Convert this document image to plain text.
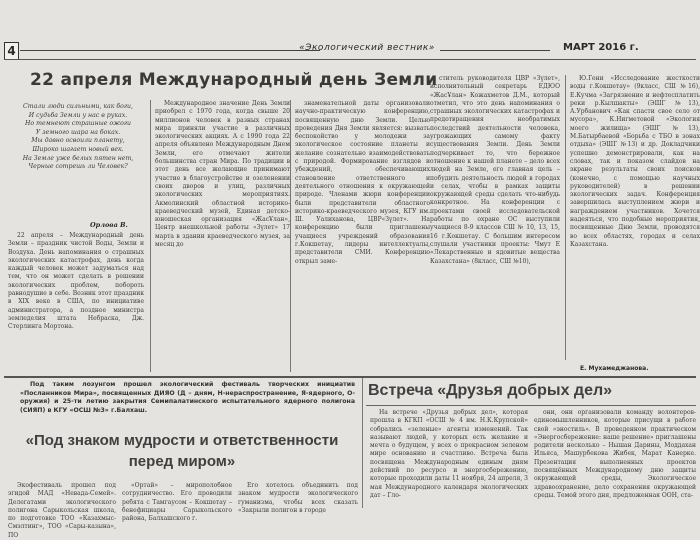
4	«Экологический вестник»	МАРТ 2016 г.
22 апреля Международный день Земли
Стали люди сильными, как боги,
И судьба Земли у нас в руках.
Но темнеют страшные ожоги
У земного шара на боках.
Мы давно освоили планету,
Широко шагает новый век.
На Земле уже белых пятен нет,
Черные сотрешь ли Человек?
Орлова В.

22 апреля – Международный день Земли – праздник чистой Воды, Земли и Воздуха. День напоминания о страшных экологических катастрофах, день когда каждый человек может задуматься над тем, что он может сделать в решении экологических проблем, побороть равнодушие в себе. Возник этот праздник в XIX веке в США, по инициативе администратора, а позднее министра земледелия штата Небраска, Дж. Стерлинга Мортона.

Международное значение День Земли приобрел с 1970 года, когда свыше 20 миллионов человек в разных странах мира приняли участие в различных экологических акциях. А с 1990 года 22 апреля объявлено Международным Днем Земли, его отмечают жители большинства стран Мира. По традиции в этот день все желающие принимают участие в благоустройстве и озеленении своих дворов и улиц, различных экологических мероприятиях. Акмолинский областной историко-краеведческий музей, Единая детско-юношеская организация «ЖасҰлан», Центр внешкольной работы «Зүлет» 17 марта в здании краеведческого музея, за месяц до

знаменательной даты организовали научно-практическую конференцию, посвященную дню Земли. Целью проведения Дня Земли является: вызвать беспокойство у молодежи за экологическое состояние планеты и желание сознательно взаимодействовать с природой. Формирование взглядов и убеждений, обеспечивающих становление ответственного и деятельного отношения к окружающей природе. Членами жюри конференции были представители областного историко-краеведческого музея, КГУ им. Ш. Уалиханова, ЦВР«Зүлет». На конференцию были приглашены учащиеся учреждений образования г.Кокшетау, лидеры интеллектуалы, представители СМИ. Конференцию открыл заме-

ститель руководителя ЦВР «Зүлет», исполнительный секретарь ЕДЮО «ЖасҰлан» Кожахметов Д.М., который отметил, что это день напоминания о страшных экологических катастрофах и предотвращения необратимых последствий деятельности человека, угрожающих самому факту существования Земли. День Земли подчеркивает то, что бережное отношение к нашей планете – дело всех людей на Земле, его главная цель – побудить деятельность людей в городах и селах, чтобы в рамках защиты окружающей среды сделать что-нибудь конкретное. На конференции с проектами своей исследовательской работы по охране ОС выступили учащиеся 8-9 классов СШ № 10, 13, 15, 16 г.Кокшетау. С большим интересом слушали участники проекты: Чмут Е «Лекарственные и ядовитые вещества Казахстана» (8класс, СШ №10),

Ю.Гени «Исследование жесткости воды г.Кокшетау» (9класс, СШ №16), Е.Кучма «Загрязнение и нефтесплатить реки р.Кылшакты» (ЭШГ №13), А.Урбанович «Как спасти свое село от мусора», К.Нигметовой «Экология моего жилища» (ЭШГ №13), М.Батырбаевой «Борьба с ТБО в зонах отдыха» (ЭШГ №13) и др. Докладчики успешно демонстрировали, как на словах, так и показом слайдов на экране результаты своих поисков (конечно, с помощью научных руководителей) в решении экологических задач. Конференция завершилась выступлением жюри и награждением участников. Хочется надеяться, что подобные мероприятия, посвященные Дню Земли, проводятся во всех областях, городах и селах Казахстана.

Е. Мухамеджанова.

Под таким лозунгом прошел экологический фестиваль творческих инициатив «Посланников Мира», посвященных ДИЯО (Д – дням, Н-нераспространение, Я-ядерного, О-оружия) и 25-ти летию закрытия Семипалатинского испытательного ядерного полигона (СИЯП) в КГУ «ОСШ №3» г.Балхаш.

«Под знаком мудрости и ответственности перед миром»

Экофестиваль прошел под эгидой МАД «Невада-Семей». Делегатами экологического полигона Сарыкольская школа, по подготовке ТОО «Казахмыс-Смэлтинг», ТОО «Сары-казына», ПО

«Ортай» – мирополобное сотрудничество. Его проводили ребята с Тамгаусом – Кокшетау – бенефициары Сарыкольского района, Балхашского г.

Его хотелось объединить под знаком мудрости экологического гуманизма, чтобы всех сказать «Закрыли полигон в городе

Встреча «Друзья добрых дел»

На встрече «Друзья добрых дел», которая прошла в КГКП «ОСШ № 4 им. Н.К.Крупской» собрались «зеленые» агенты изменений. Так называют людей, у которых есть желание и мечта о будущем, у всех о прекрасном зеленом мире основанию и счастливо. Встреча была посвящена Международным единым дням действий по ресурсо и энергосбережению, которые проходили даты 11 ноября, 24 апреля, 3 мая Международного календаря экологических дат – Гло-

они, они организовали команду волонтеров-единомышленников, которые присущи в работе свой «эностиль». В проведенном практическом «Энергосбережение: наше решение» приглашены родители несколько – Нышан Дарины, Мoддахан Ильяса, Машурбекова Жибек, Марат Канерке. Презентация выполненных проектов посвящённых Международному дню защиты окружающей среды, Экологическое здравоохранение, дело сохранения окружающей среды. Темой этого дня, предложенная ООН, ста-
